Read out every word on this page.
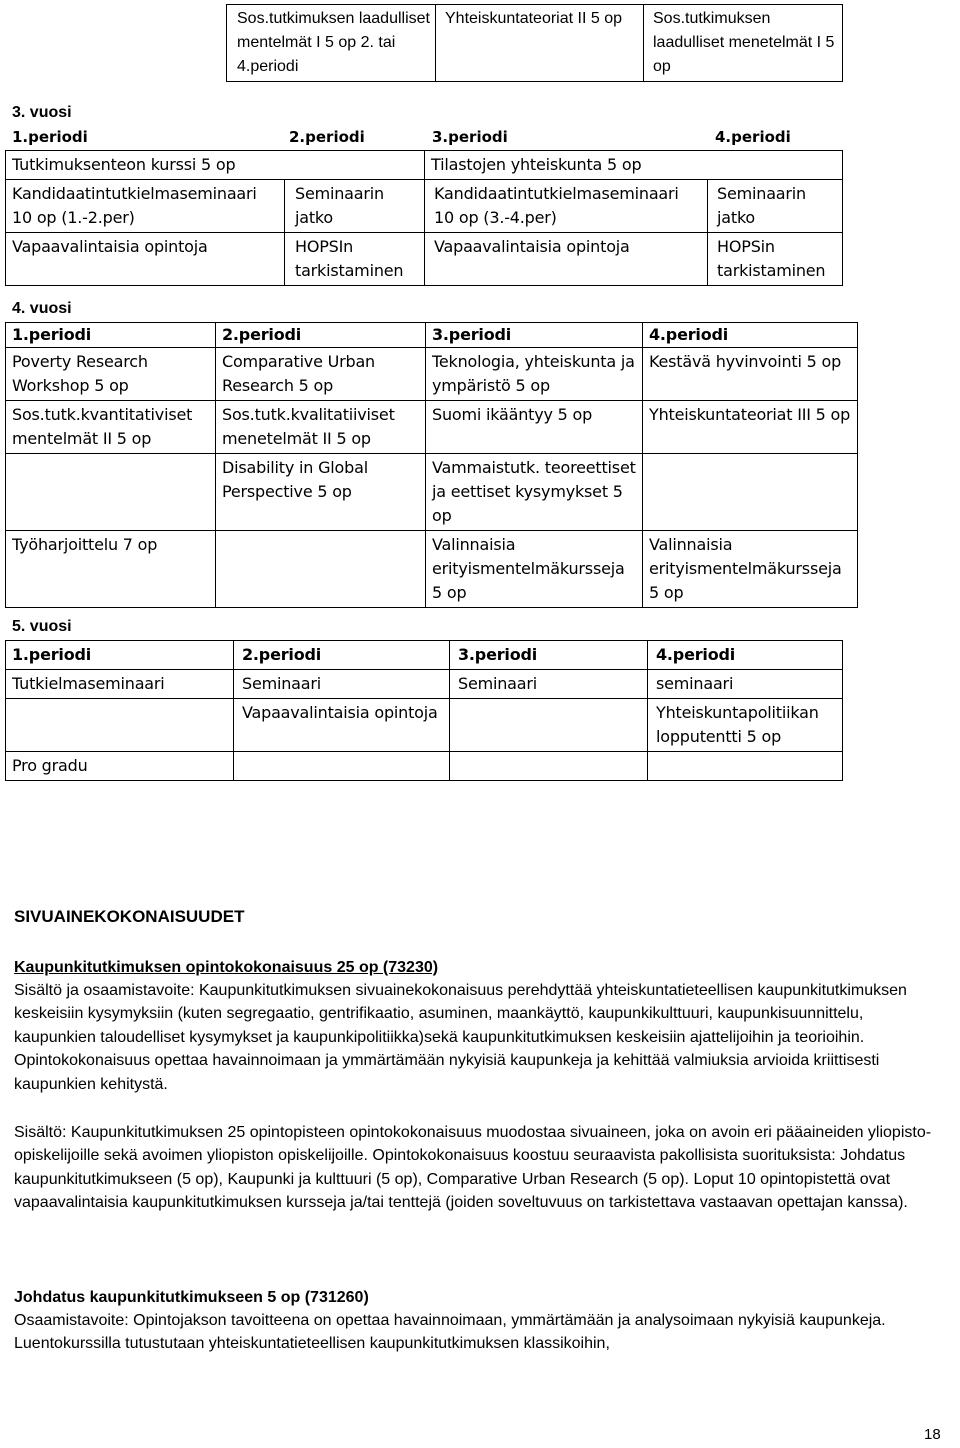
Sos.tutkimuksen laadulliset mentelmät I 5 op 2. tai 4.periodi	Yhteiskuntateoriat II 5 op	Sos.tutkimuksen laadulliset menetelmät I 5 op
3. vuosi
1.periodi	2.periodi	3.periodi	4.periodi
Tutkimuksenteon kurssi 5 op		Tilastojen yhteiskunta 5 op	
Kandidaatintutkielmaseminaari 10 op (1.-2.per)	Seminaarin jatko	Kandidaatintutkielmaseminaari 10 op (3.-4.per)	Seminaarin jatko
Vapaavalintaisia opintoja	HOPSIn tarkistaminen	Vapaavalintaisia opintoja	HOPSin tarkistaminen
4. vuosi
1.periodi	2.periodi	3.periodi	4.periodi
Poverty Research Workshop 5 op	Comparative Urban Research 5 op	Teknologia, yhteiskunta ja ympäristö 5 op	Kestävä hyvinvointi 5 op
Sos.tutk.kvantitativiset mentelmät II 5 op	Sos.tutk.kvalitatiiviset menetelmät II 5 op	Suomi ikääntyy 5 op	Yhteiskuntateoriat III 5 op
	Disability in Global Perspective 5 op	Vammaistutk. teoreettiset ja eettiset kysymykset 5 op	
Työharjoittelu 7 op		Valinnaisia erityismentelmäkursseja 5 op	Valinnaisia erityismentelmäkursseja 5 op
5. vuosi
1.periodi	2.periodi	3.periodi	4.periodi
Tutkielmaseminaari	Seminaari	Seminaari	seminaari
	Vapaavalintaisia opintoja		Yhteiskuntapolitiikan lopputentti 5 op
Pro gradu			
SIVUAINEKOKONAISUUDET
Kaupunkitutkimuksen opintokokonaisuus 25 op (73230)
Sisältö ja osaamistavoite: Kaupunkitutkimuksen sivuainekokonaisuus perehdyttää yhteiskuntatieteellisen kaupunkitutkimuksen keskeisiin kysymyksiin (kuten segregaatio, gentrifikaatio, asuminen, maankäyttö, kaupunkikulttuuri, kaupunkisuunnittelu, kaupunkien taloudelliset kysymykset ja kaupunkipolitiikka)sekä kaupunkitutkimuksen keskeisiin ajattelijoihin ja teorioihin. Opintokokonaisuus opettaa havainnoimaan ja ymmärtämään nykyisiä kaupunkeja ja kehittää valmiuksia arvioida kriittisesti kaupunkien kehitystä.
Sisältö: Kaupunkitutkimuksen 25 opintopisteen opintokokonaisuus muodostaa sivuaineen, joka on avoin eri pääaineiden yliopisto-opiskelijoille sekä avoimen yliopiston opiskelijoille. Opintokokonaisuus koostuu seuraavista pakollisista suorituksista: Johdatus kaupunkitutkimukseen (5 op), Kaupunki ja kulttuuri (5 op), Comparative Urban Research (5 op). Loput 10 opintopistettä ovat vapaavalintaisia kaupunkitutkimuksen kursseja ja/tai tenttejä (joiden soveltuvuus on tarkistettava vastaavan opettajan kanssa).
Johdatus kaupunkitutkimukseen 5 op (731260)
Osaamistavoite: Opintojakson tavoitteena on opettaa havainnoimaan, ymmärtämään ja analysoimaan nykyisiä kaupunkeja. Luentokurssilla tutustutaan yhteiskuntatieteellisen kaupunkitutkimuksen klassikoihin,
18
